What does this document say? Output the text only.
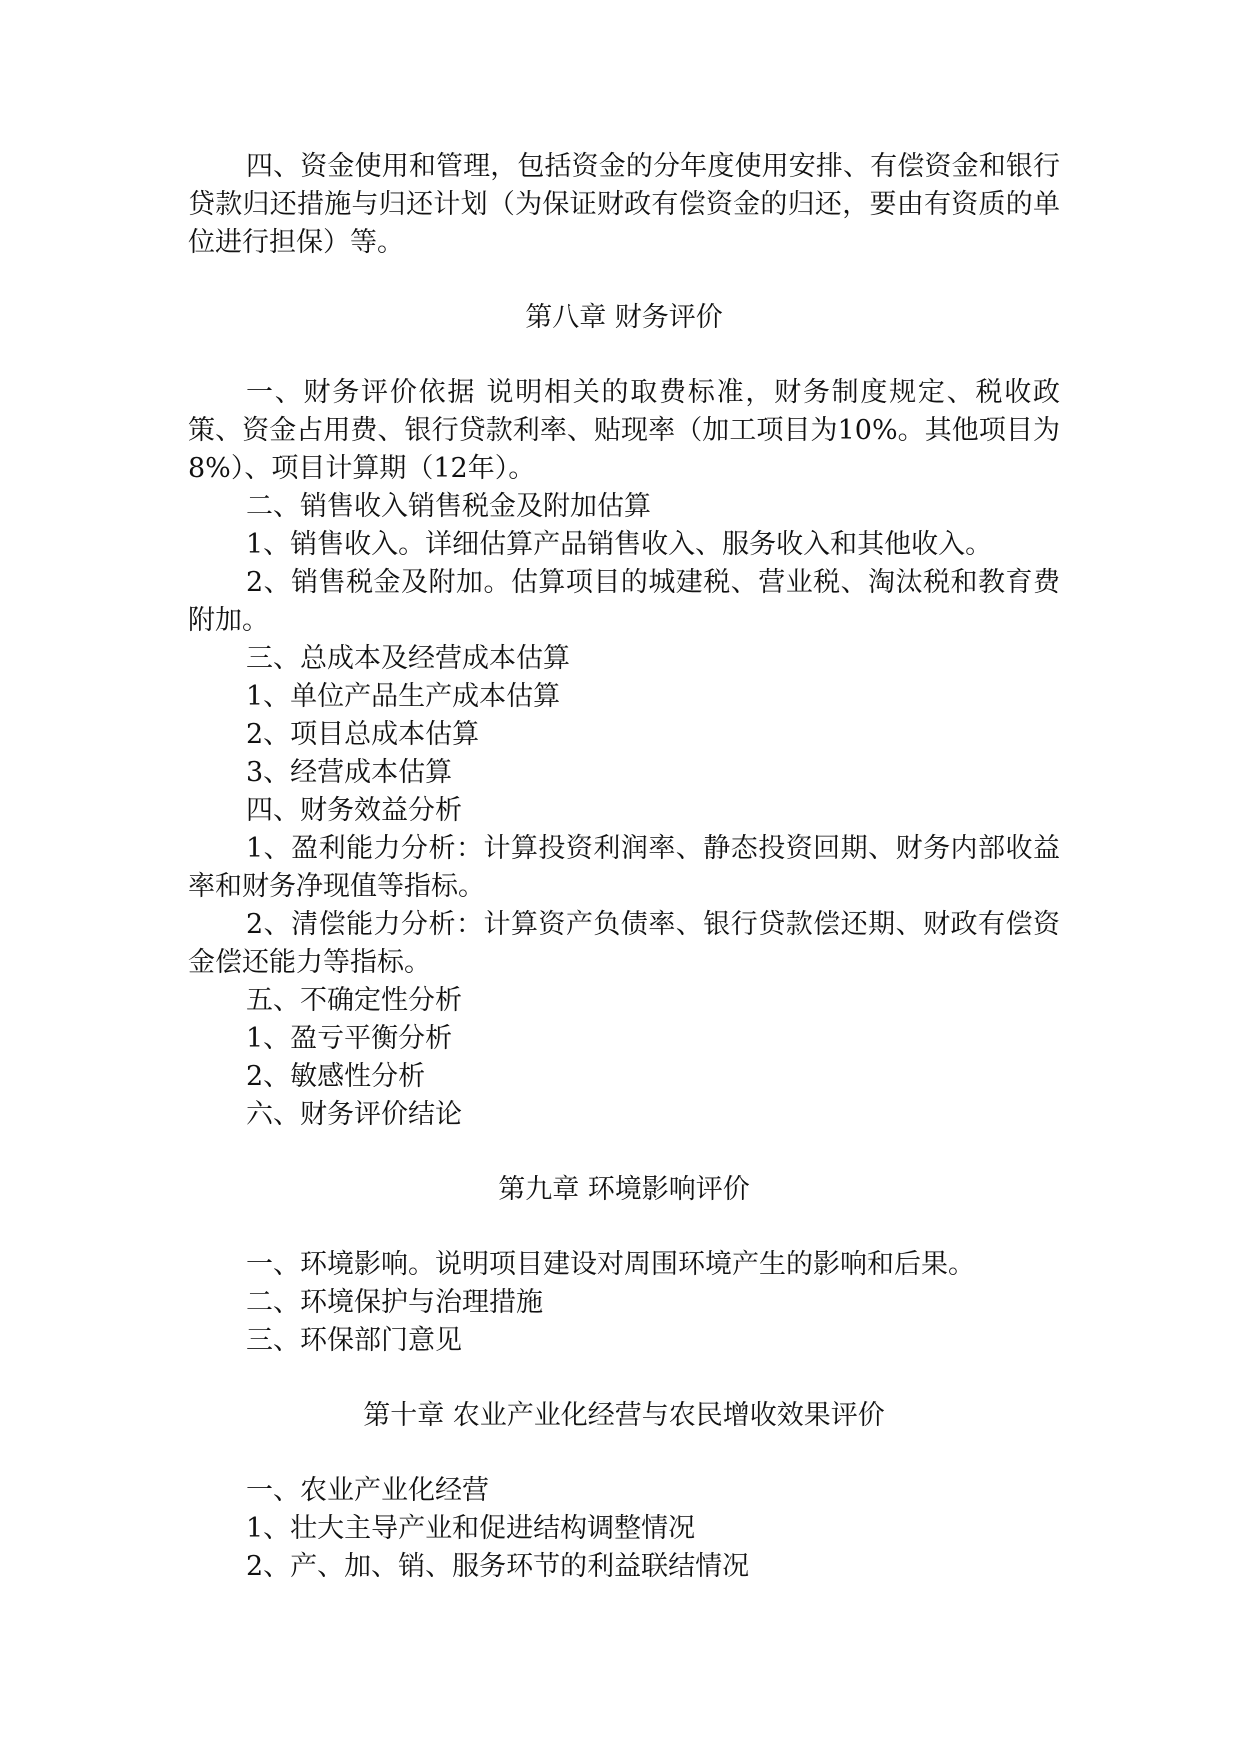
四、资金使用和管理，包括资金的分年度使用安排、有偿资金和银行贷款归还措施与归还计划（为保证财政有偿资金的归还，要由有资质的单位进行担保）等。

第八章 财务评价

一、财务评价依据 说明相关的取费标准，财务制度规定、税收政策、资金占用费、银行贷款利率、贴现率（加工项目为10%。其他项目为8%）、项目计算期（12年）。

二、销售收入销售税金及附加估算

1、销售收入。详细估算产品销售收入、服务收入和其他收入。

2、销售税金及附加。估算项目的城建税、营业税、淘汰税和教育费附加。

三、总成本及经营成本估算

1、单位产品生产成本估算

2、项目总成本估算

3、经营成本估算

四、财务效益分析

1、盈利能力分析：计算投资利润率、静态投资回期、财务内部收益率和财务净现值等指标。

2、清偿能力分析：计算资产负债率、银行贷款偿还期、财政有偿资金偿还能力等指标。

五、不确定性分析

1、盈亏平衡分析

2、敏感性分析

六、财务评价结论

第九章 环境影响评价

一、环境影响。说明项目建设对周围环境产生的影响和后果。

二、环境保护与治理措施

三、环保部门意见

第十章 农业产业化经营与农民增收效果评价

一、农业产业化经营

1、壮大主导产业和促进结构调整情况

2、产、加、销、服务环节的利益联结情况
